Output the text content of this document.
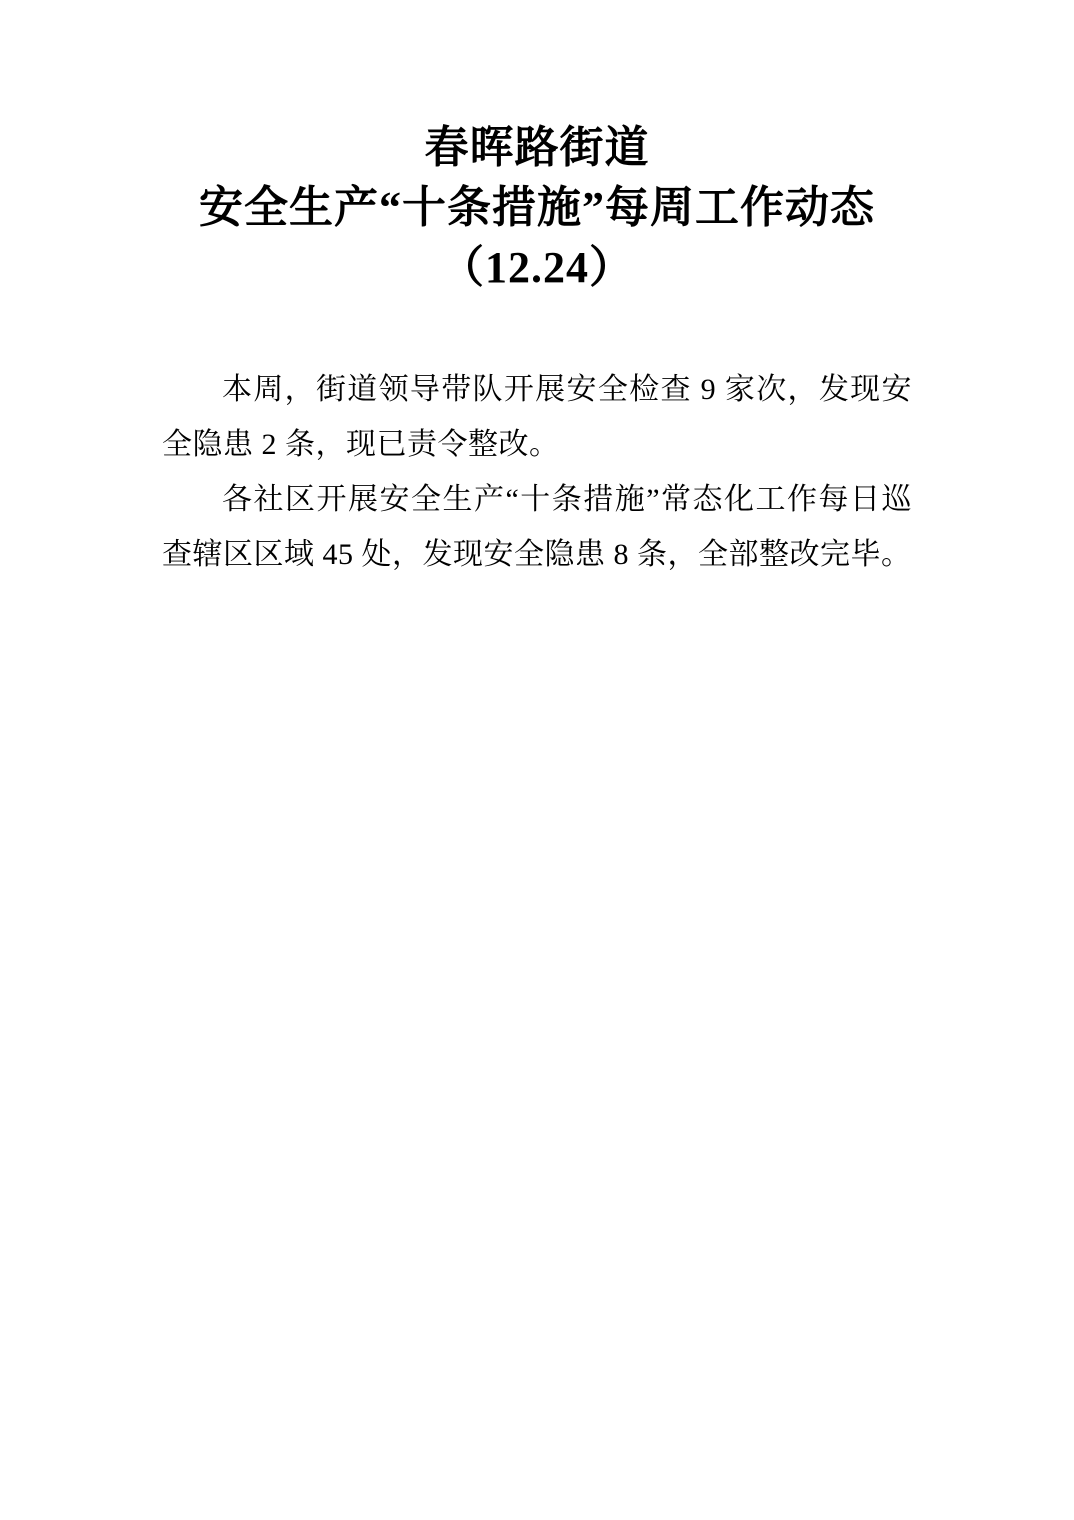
春晖路街道
安全生产“十条措施”每周工作动态（12.24）

本周，街道领导带队开展安全检查 9 家次，发现安全隐患 2 条，现已责令整改。

各社区开展安全生产“十条措施”常态化工作每日巡查辖区区域 45 处，发现安全隐患 8 条，全部整改完毕。
